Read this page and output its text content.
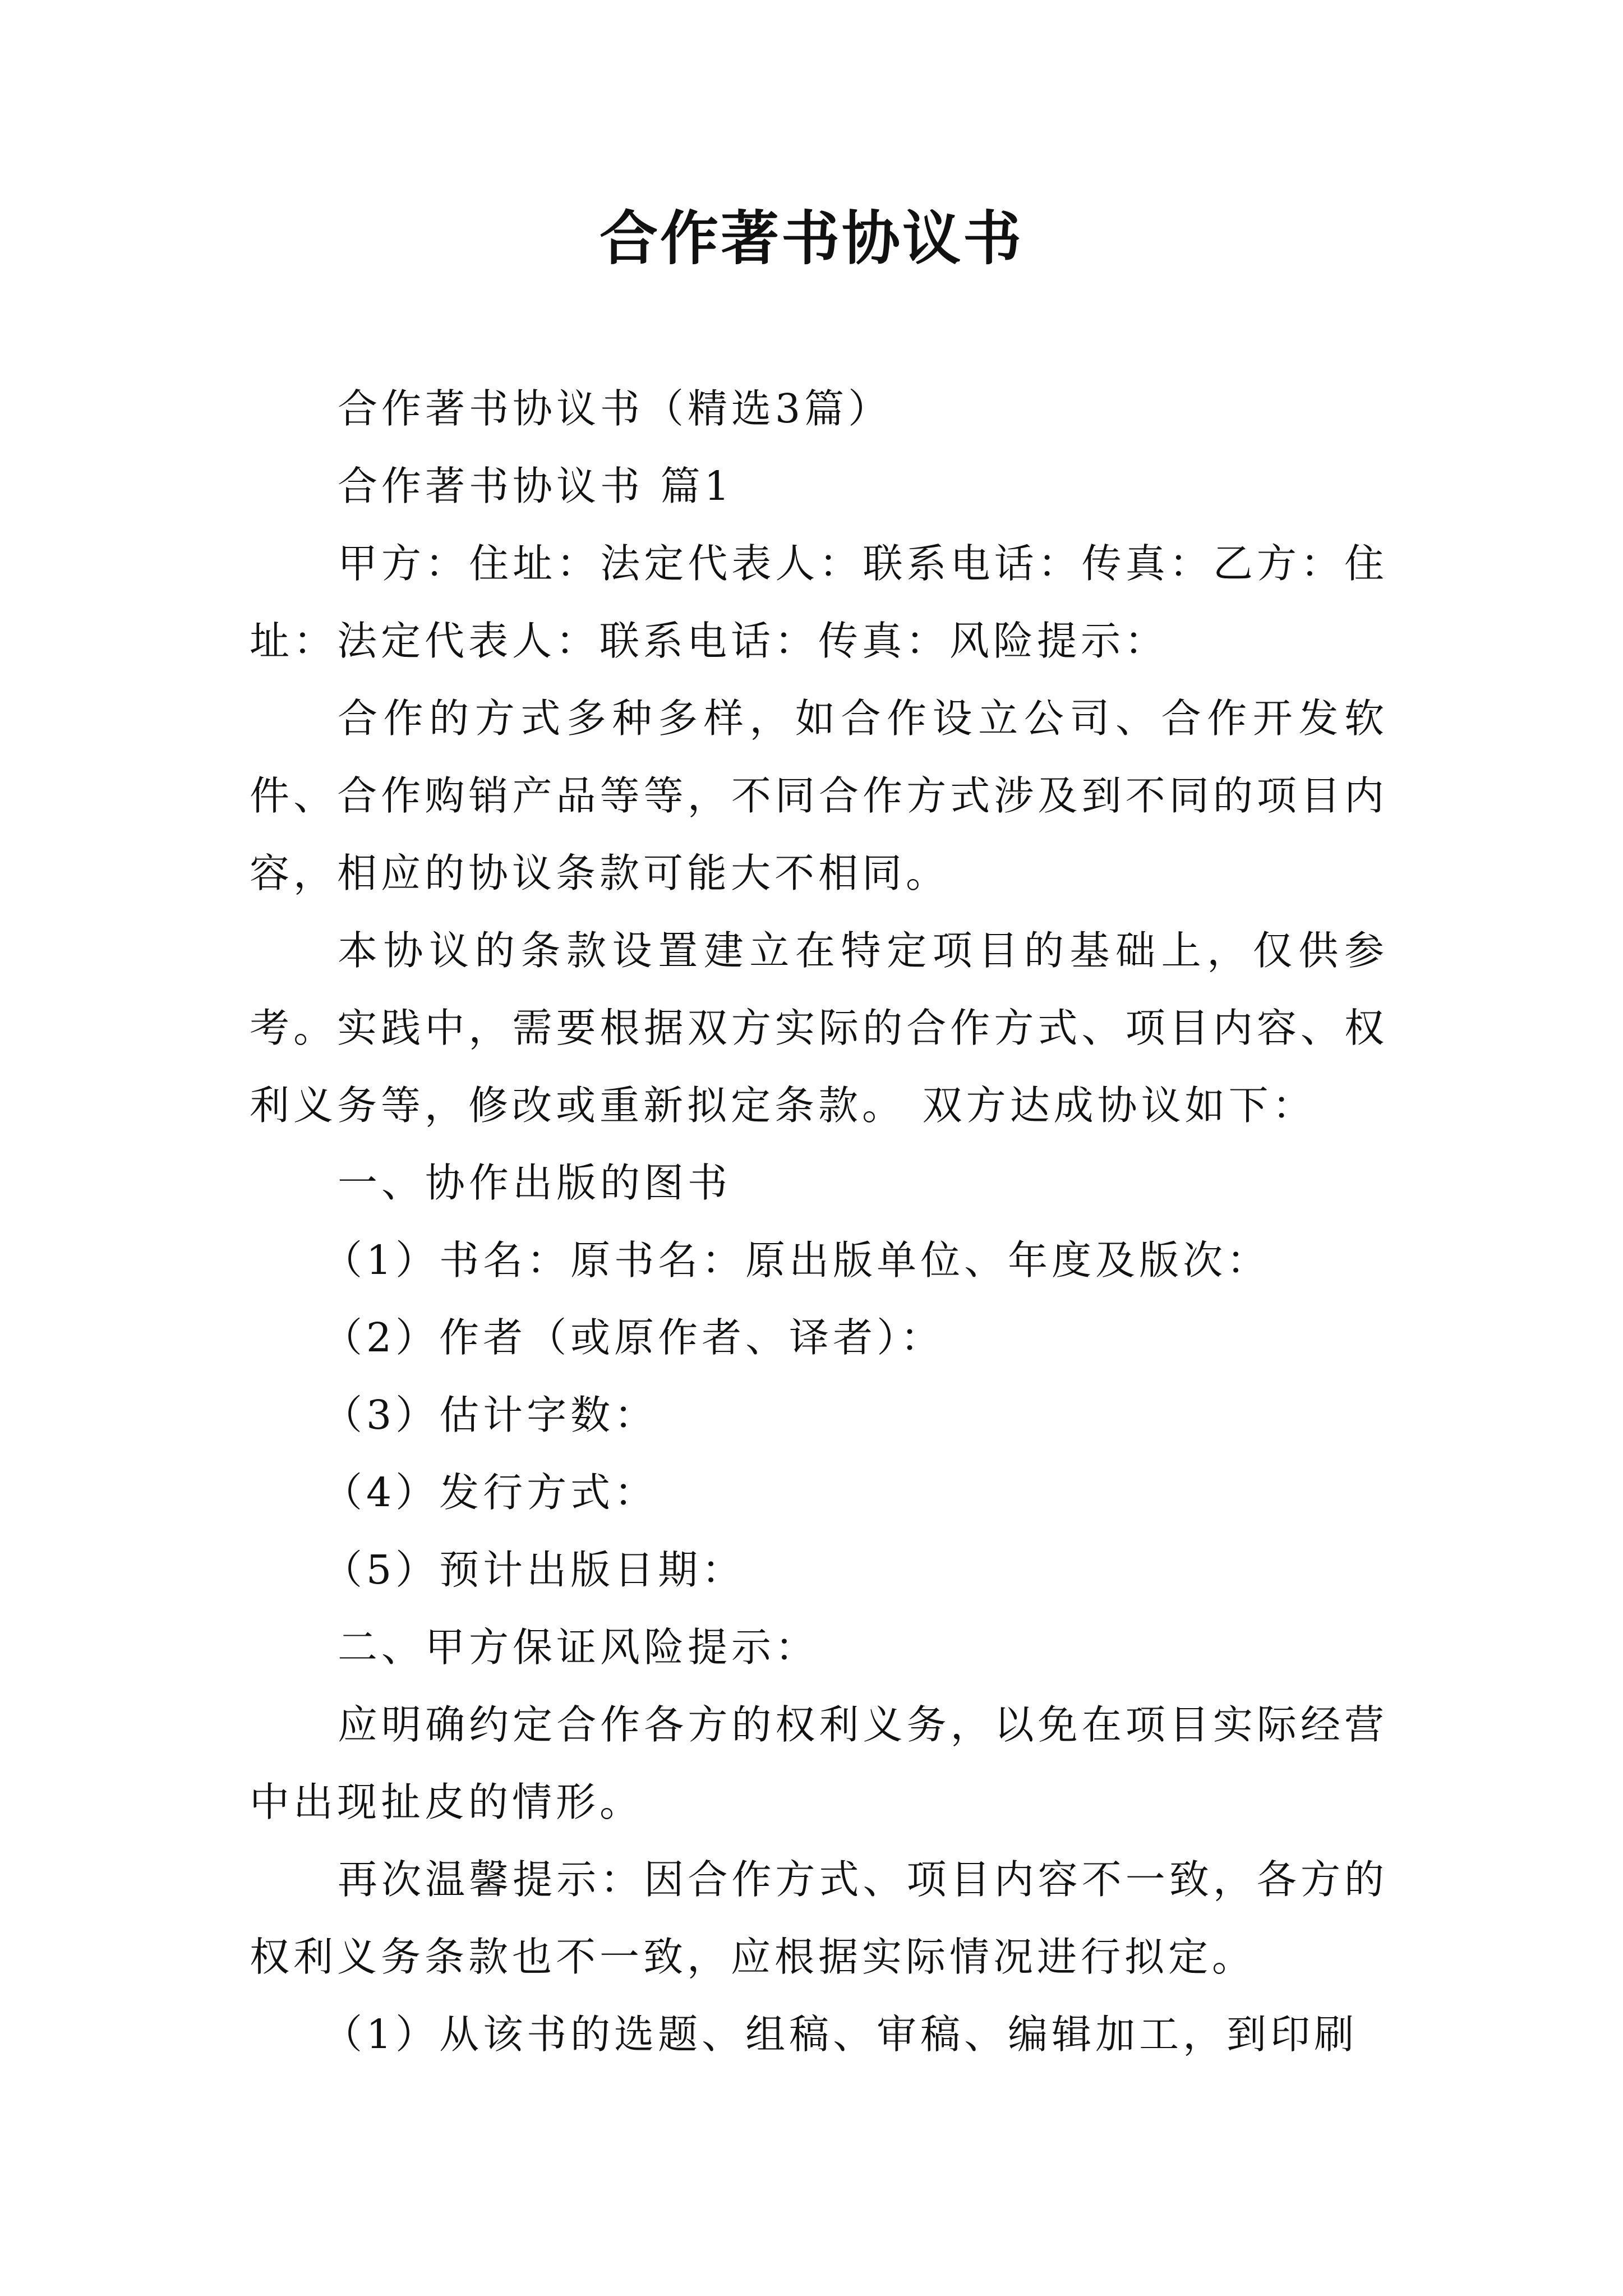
合作著书协议书

合作著书协议书（精选3篇）

合作著书协议书 篇1

甲方：住址：法定代表人：联系电话：传真：乙方：住址：法定代表人：联系电话：传真：风险提示：

合作的方式多种多样，如合作设立公司、合作开发软件、合作购销产品等等，不同合作方式涉及到不同的项目内容，相应的协议条款可能大不相同。

本协议的条款设置建立在特定项目的基础上，仅供参考。实践中，需要根据双方实际的合作方式、项目内容、权利义务等，修改或重新拟定条款。 双方达成协议如下：

一、协作出版的图书

（1）书名：原书名：原出版单位、年度及版次：

（2）作者（或原作者、译者）：

（3）估计字数：

（4）发行方式：

（5）预计出版日期：

二、甲方保证风险提示：

应明确约定合作各方的权利义务，以免在项目实际经营中出现扯皮的情形。

再次温馨提示：因合作方式、项目内容不一致，各方的权利义务条款也不一致，应根据实际情况进行拟定。

（1）从该书的选题、组稿、审稿、编辑加工，到印刷
